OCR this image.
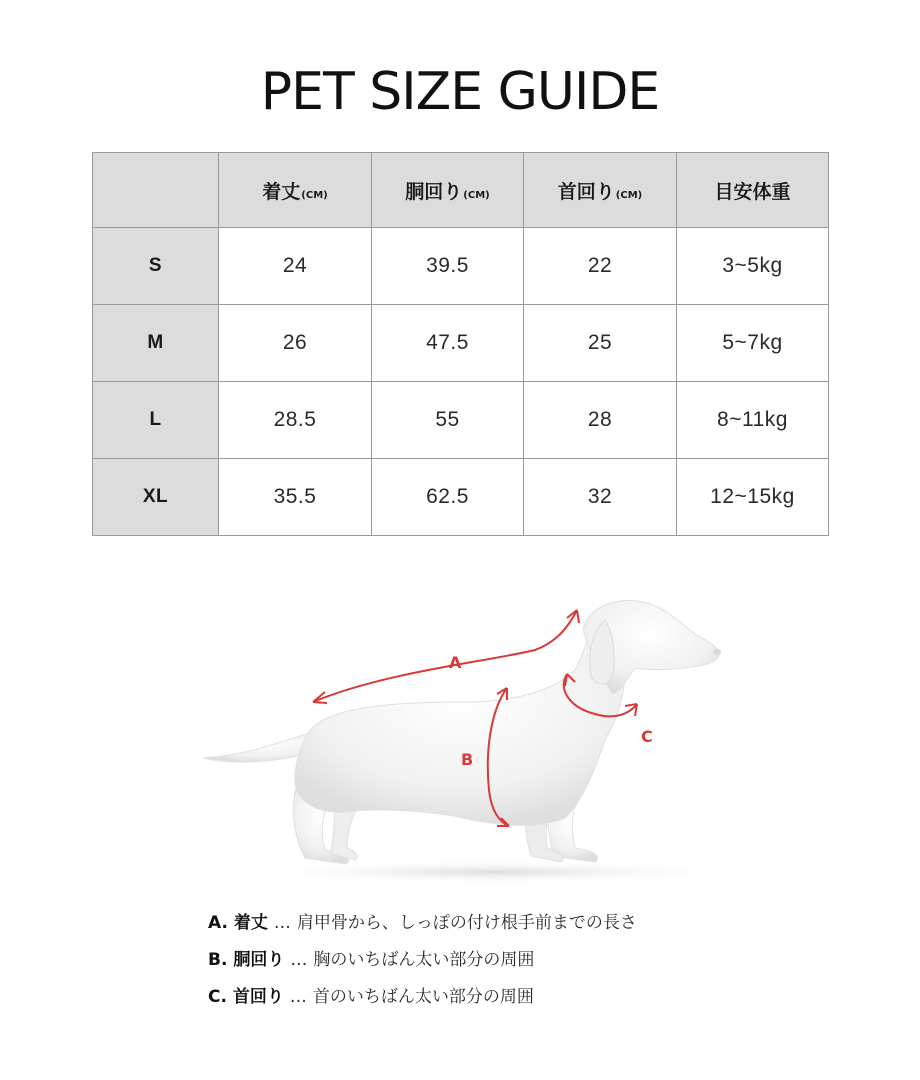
PET SIZE GUIDE
	着丈(CM)	胴回り(CM)	首回り(CM)	目安体重
S	24	39.5	22	3~5kg
M	26	47.5	25	5~7kg
L	28.5	55	28	8~11kg
XL	35.5	62.5	32	12~15kg
A
B
C
A. 着丈 … 肩甲骨から、しっぽの付け根手前までの長さ
B. 胴回り … 胸のいちばん太い部分の周囲
C. 首回り … 首のいちばん太い部分の周囲
